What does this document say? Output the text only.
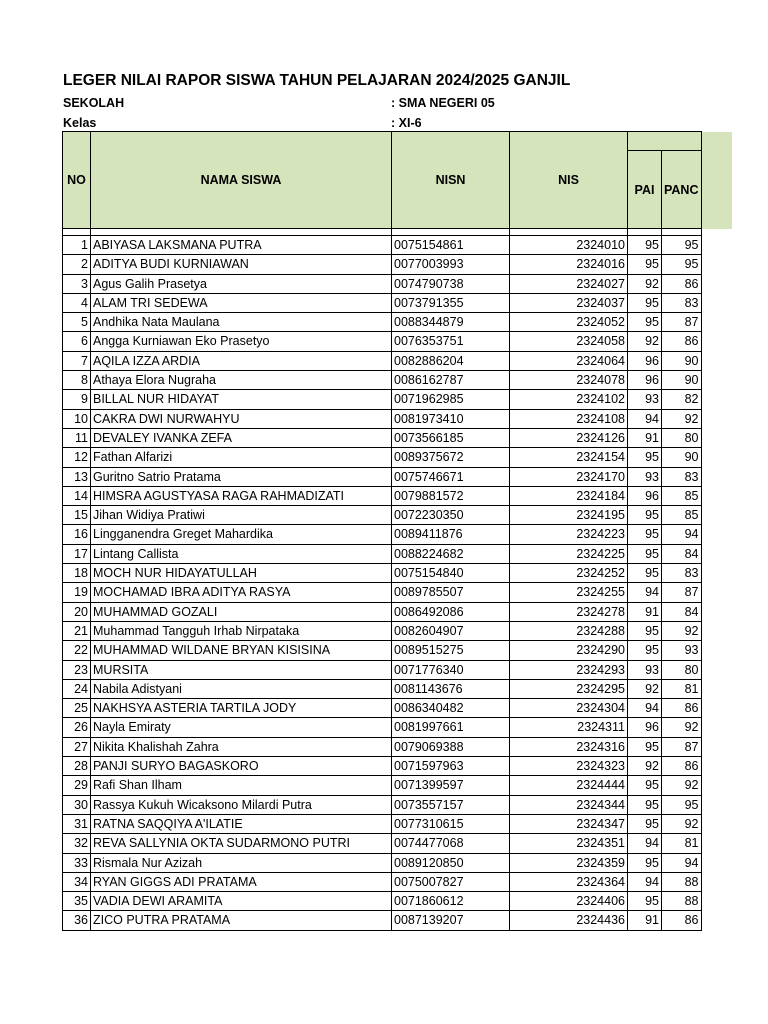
LEGER NILAI RAPOR SISWA TAHUN PELAJARAN 2024/2025 GANJIL
SEKOLAH	: SMA NEGERI 05
Kelas	: XI-6
NO	NAMA SISWA	NISN	NIS		
				PAI	PANC

1	ABIYASA LAKSMANA PUTRA	0075154861	2324010	95	95
2	ADITYA BUDI KURNIAWAN	0077003993	2324016	95	95
3	Agus Galih Prasetya	0074790738	2324027	92	86
4	ALAM TRI SEDEWA	0073791355	2324037	95	83
5	Andhika Nata Maulana	0088344879	2324052	95	87
6	Angga Kurniawan Eko Prasetyo	0076353751	2324058	92	86
7	AQILA IZZA ARDIA	0082886204	2324064	96	90
8	Athaya Elora Nugraha	0086162787	2324078	96	90
9	BILLAL NUR HIDAYAT	0071962985	2324102	93	82
10	CAKRA DWI NURWAHYU	0081973410	2324108	94	92
11	DEVALEY IVANKA ZEFA	0073566185	2324126	91	80
12	Fathan Alfarizi	0089375672	2324154	95	90
13	Guritno Satrio Pratama	0075746671	2324170	93	83
14	HIMSRA AGUSTYASA RAGA RAHMADIZATI	0079881572	2324184	96	85
15	Jihan Widiya Pratiwi	0072230350	2324195	95	85
16	Lingganendra Greget Mahardika	0089411876	2324223	95	94
17	Lintang Callista	0088224682	2324225	95	84
18	MOCH NUR HIDAYATULLAH	0075154840	2324252	95	83
19	MOCHAMAD IBRA ADITYA RASYA	0089785507	2324255	94	87
20	MUHAMMAD GOZALI	0086492086	2324278	91	84
21	Muhammad Tangguh Irhab Nirpataka	0082604907	2324288	95	92
22	MUHAMMAD WILDANE BRYAN KISISINA	0089515275	2324290	95	93
23	MURSITA	0071776340	2324293	93	80
24	Nabila Adistyani	0081143676	2324295	92	81
25	NAKHSYA ASTERIA TARTILA JODY	0086340482	2324304	94	86
26	Nayla Emiraty	0081997661	2324311	96	92
27	Nikita Khalishah Zahra	0079069388	2324316	95	87
28	PANJI SURYO BAGASKORO	0071597963	2324323	92	86
29	Rafi Shan Ilham	0071399597	2324444	95	92
30	Rassya Kukuh Wicaksono Milardi Putra	0073557157	2324344	95	95
31	RATNA SAQQIYA A'ILATIE	0077310615	2324347	95	92
32	REVA SALLYNIA OKTA SUDARMONO PUTRI	0074477068	2324351	94	81
33	Rismala Nur Azizah	0089120850	2324359	95	94
34	RYAN GIGGS ADI PRATAMA	0075007827	2324364	94	88
35	VADIA DEWI ARAMITA	0071860612	2324406	95	88
36	ZICO PUTRA PRATAMA	0087139207	2324436	91	86
